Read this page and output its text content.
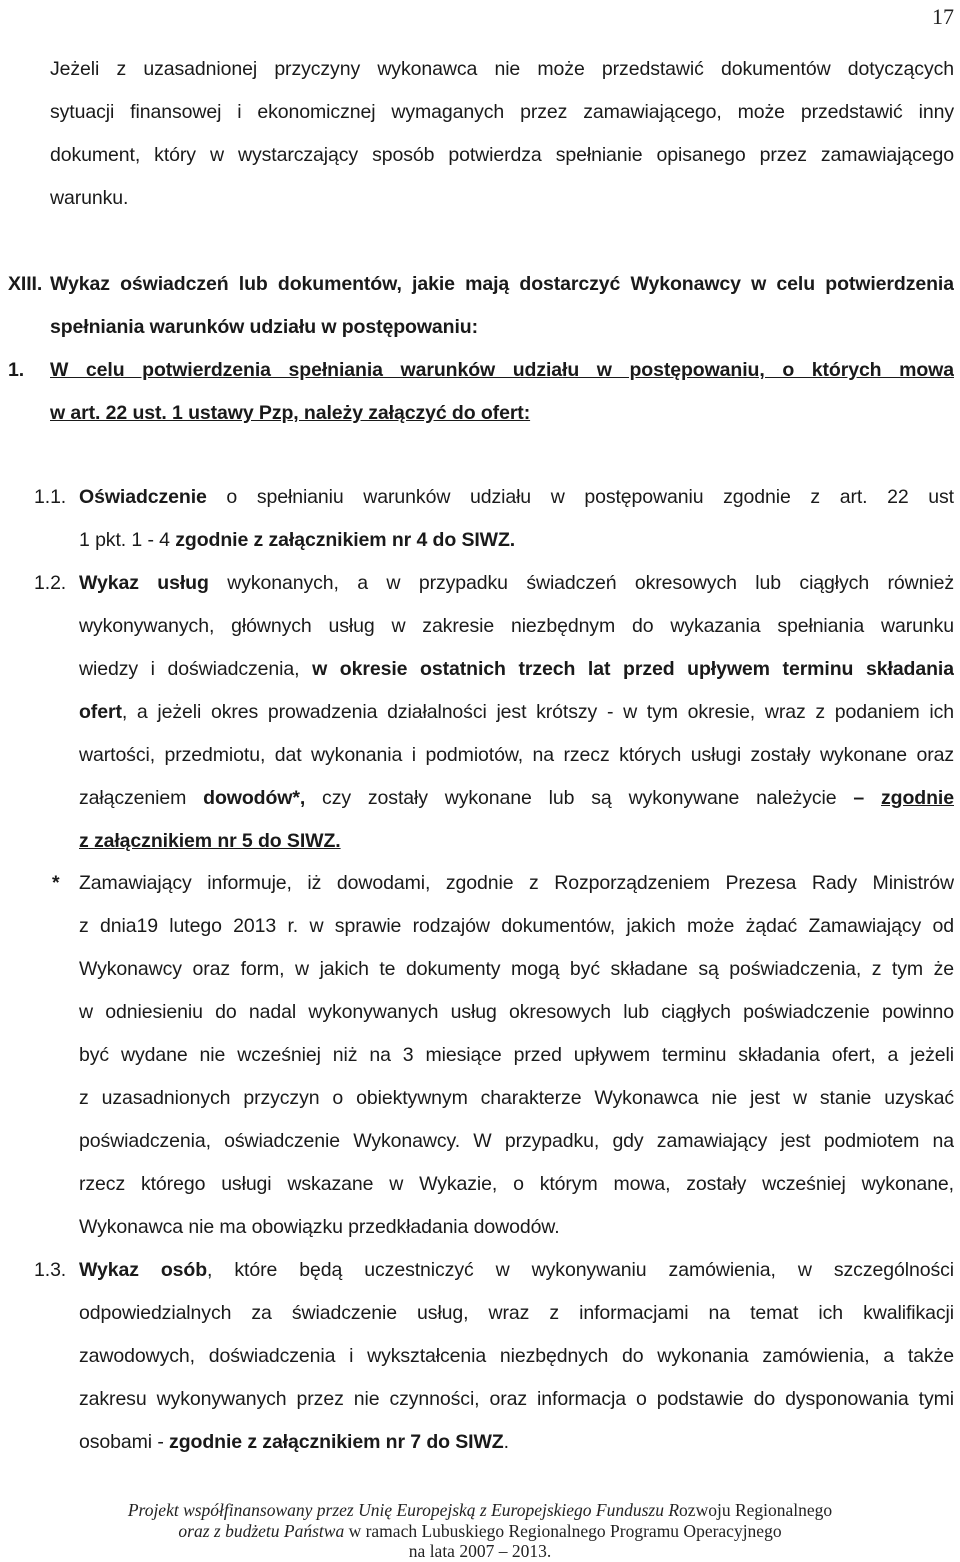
17
Jeżeli z uzasadnionej przyczyny wykonawca nie może przedstawić dokumentów dotyczących
sytuacji finansowej i ekonomicznej wymaganych przez zamawiającego, może przedstawić inny
dokument, który w wystarczający sposób potwierdza spełnianie opisanego przez zamawiającego
warunku.
XIII. Wykaz oświadczeń lub dokumentów, jakie mają dostarczyć Wykonawcy w celu potwierdzenia
spełniania warunków udziału w postępowaniu:
1. W celu potwierdzenia spełniania warunków udziału w postępowaniu, o których mowa
w art. 22 ust. 1 ustawy Pzp, należy załączyć do ofert:
1.1. Oświadczenie o spełnianiu warunków udziału w postępowaniu zgodnie z art. 22 ust
1 pkt. 1 - 4 zgodnie z załącznikiem nr 4 do SIWZ.
1.2. Wykaz usług wykonanych, a w przypadku świadczeń okresowych lub ciągłych również
wykonywanych, głównych usług w zakresie niezbędnym do wykazania spełniania warunku
wiedzy i doświadczenia, w okresie ostatnich trzech lat przed upływem terminu składania
ofert, a jeżeli okres prowadzenia działalności jest krótszy - w tym okresie, wraz z podaniem ich
wartości, przedmiotu, dat wykonania i podmiotów, na rzecz których usługi zostały wykonane oraz
załączeniem dowodów*, czy zostały wykonane lub są wykonywane należycie – zgodnie
z załącznikiem nr 5 do SIWZ.
* Zamawiający informuje, iż dowodami, zgodnie z Rozporządzeniem Prezesa Rady Ministrów
z dnia19 lutego 2013 r. w sprawie rodzajów dokumentów, jakich może żądać Zamawiający od
Wykonawcy oraz form, w jakich te dokumenty mogą być składane są poświadczenia, z tym że
w odniesieniu do nadal wykonywanych usług okresowych lub ciągłych poświadczenie powinno
być wydane nie wcześniej niż na 3 miesiące przed upływem terminu składania ofert, a jeżeli
z uzasadnionych przyczyn o obiektywnym charakterze Wykonawca nie jest w stanie uzyskać
poświadczenia, oświadczenie Wykonawcy. W przypadku, gdy zamawiający jest podmiotem na
rzecz którego usługi wskazane w Wykazie, o którym mowa, zostały wcześniej wykonane,
Wykonawca nie ma obowiązku przedkładania dowodów.
1.3. Wykaz osób, które będą uczestniczyć w wykonywaniu zamówienia, w szczególności
odpowiedzialnych za świadczenie usług, wraz z informacjami na temat ich kwalifikacji
zawodowych, doświadczenia i wykształcenia niezbędnych do wykonania zamówienia, a także
zakresu wykonywanych przez nie czynności, oraz informacja o podstawie do dysponowania tymi
osobami - zgodnie z załącznikiem nr 7 do SIWZ.
Projekt współfinansowany przez Unię Europejską z Europejskiego Funduszu Rozwoju Regionalnego
oraz z budżetu Państwa w ramach Lubuskiego Regionalnego Programu Operacyjnego
na lata 2007 – 2013.
